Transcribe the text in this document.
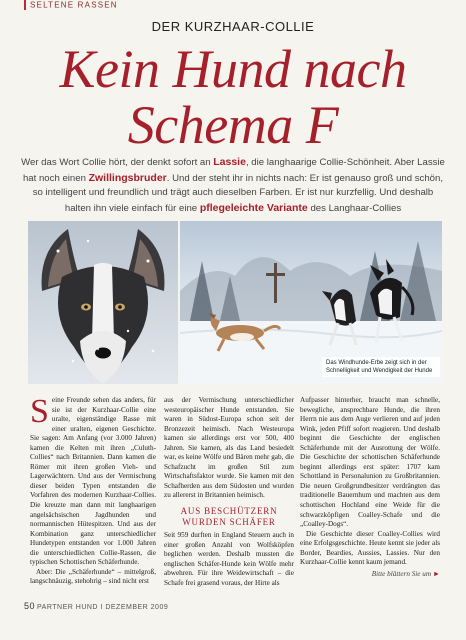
SELTENE RASSEN
DER KURZHAAR-COLLIE
Kein Hund nach
Schema F
Wer das Wort Collie hört, der denkt sofort an Lassie, die langhaarige Collie-Schönheit. Aber Lassie hat noch einen Zwillingsbruder. Und der steht ihr in nichts nach: Er ist genauso groß und schön, so intelligent und freundlich und trägt auch dieselben Farben. Er ist nur kurzfellig. Und deshalb halten ihn viele einfach für eine pflegeleichte Variante des Langhaar-Collies
Das Windhunde-Erbe zeigt sich in der Schnelligkeit und Wendigkeit der Hunde

Seine Freunde sehen das anders, für sie ist der Kurzhaar-Collie eine uralte, eigenständige Rasse mit einer uralten, eigenen Geschichte. Sie sagen: Am Anfang (vor 3.000 Jahren) kamen die Kelten mit ihren „Culuth-Collies“ nach Britannien. Dann kamen die Römer mit ihren großen Vieh- und Lagerwächtern. Und aus der Vermischung dieser beiden Typen entstanden die Vorfahren des modernen Kurzhaar-Collies. Die kreuzte man dann mit langhaarigen angelsächsischen Jagdhunden und normannischen Hütespitzen. Und aus der Kombination ganz unterschiedlicher Hundetypen entstanden vor 1.000 Jahren die unterschiedlichen Collie-Rassen, die typischen Schottischen Schäferhunde.

Aber: Die „Schäferhunde“ – mittelgroß, langschnäuzig, stehohrig – sind nicht erst

aus der Vermischung unterschiedlicher westeuropäischer Hunde entstanden. Sie waren in Südost-Europa schon seit der Bronzezeit heimisch. Nach Westeuropa kamen sie allerdings erst vor 500, 400 Jahren. Sie kamen, als das Land besiedelt war, es keine Wölfe und Bären mehr gab, die Schafzucht im großen Stil zum Wirtschaftsfaktor wurde. Sie kamen mit den Schafherden aus dem Südosten und wurden zu allererst in Britannien heimisch.

AUS BESCHÜTZERN
WURDEN SCHÄFER

Seit 959 durften in England Steuern auch in einer großen Anzahl von Wolfsköpfen beglichen werden. Deshalb mussten die englischen Schäfer-Hunde kein Wölfe mehr abwehren. Für ihre Weidewirtschaft – die Schafe frei grasend voraus, der Hirte als

Aufpasser hinterher, braucht man schnelle, bewegliche, ansprechbare Hunde, die ihren Herrn nie aus dem Auge verlieren und auf jeden Wink, jeden Pfiff sofort reagieren. Und deshalb beginnt die Geschichte der englischen Schäferhunde mit der Ausrottung der Wölfe. Die Geschichte der schottischen Schäferhunde beginnt allerdings erst später: 1707 kam Schottland in Personalunion zu Großbritannien. Die neuen Großgrundbesitzer verdrängten das traditionelle Bauernhum und machten aus dem schottischen Hochland eine Weide für die schwarzköpfigen Coalley-Schafe und die „Coalley-Dogs“.

Die Geschichte dieser Coalley-Collies wird eine Erfolgsgeschichte. Heute kennt sie jeder als Border, Beardies, Aussies, Lassies. Nur den Kurzhaar-Collie kennt kaum jemand.

Bitte blättern Sie um ►
50 PARTNER HUND I DEZEMBER 2009
